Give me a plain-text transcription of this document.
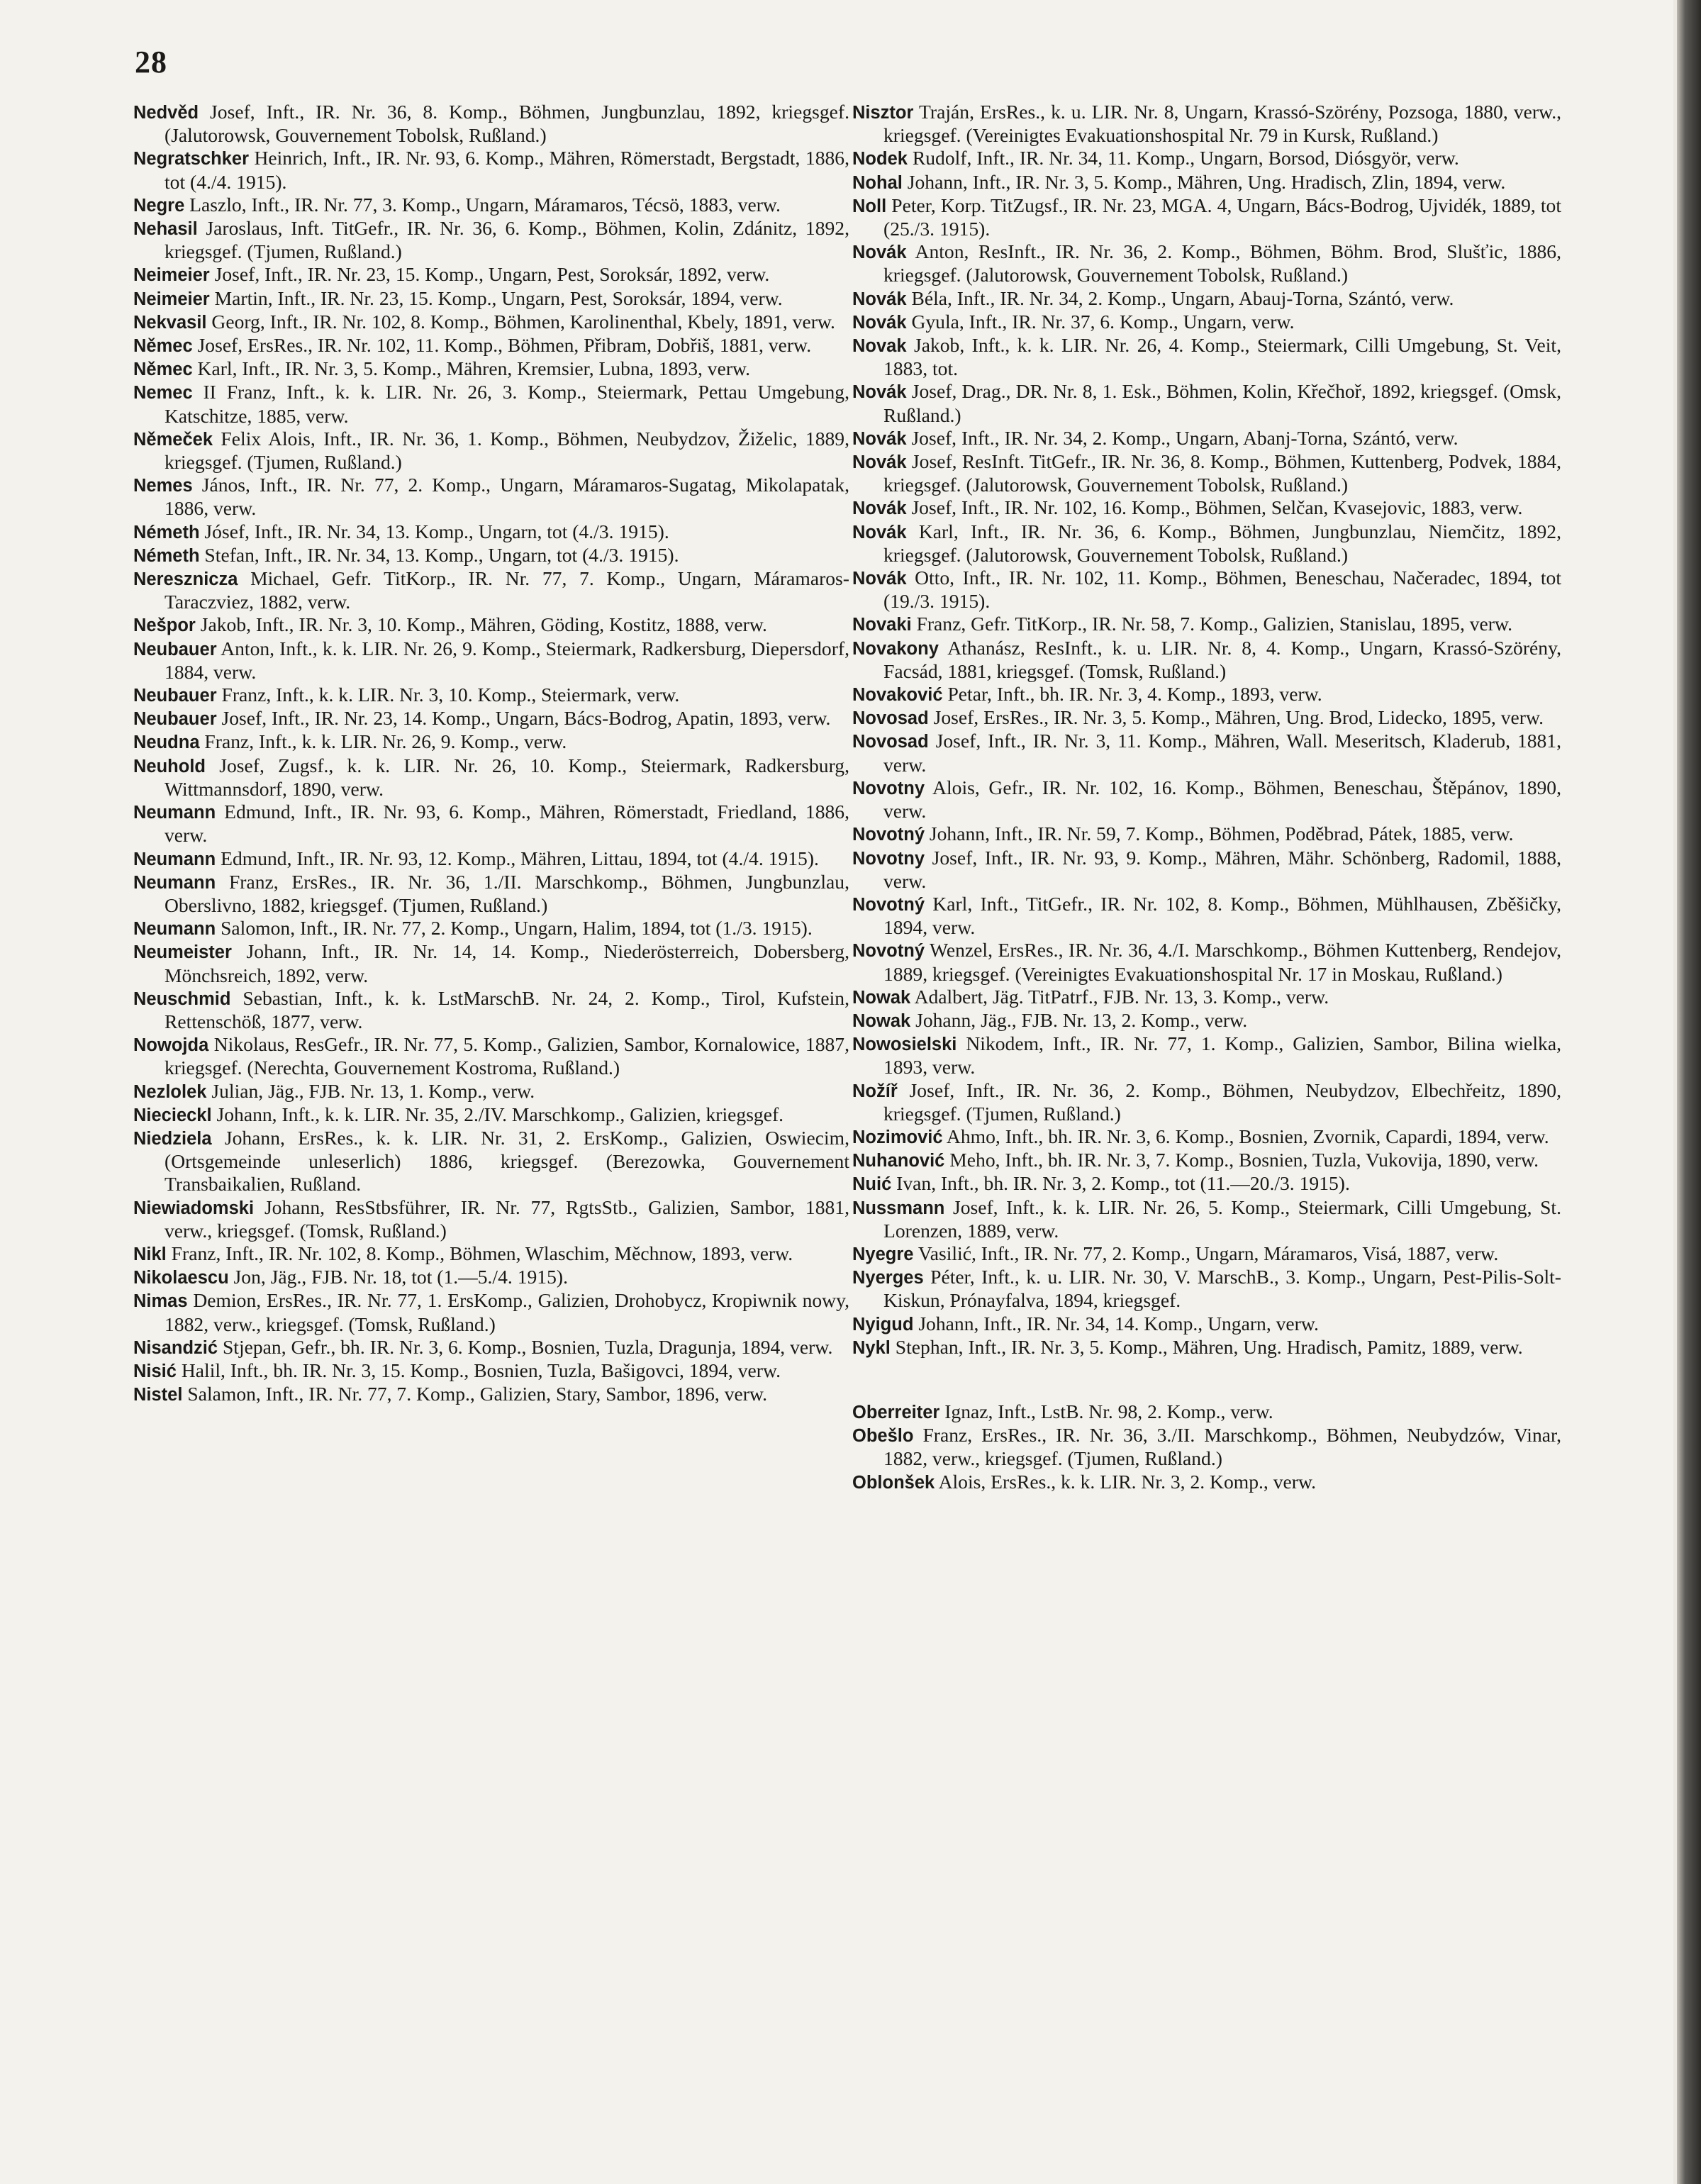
28

Nedvěd Josef, Inft., IR. Nr. 36, 8. Komp., Böhmen, Jungbunzlau, 1892, kriegsgef. (Jalutorowsk, Gouvernement Tobolsk, Rußland.)

Negratschker Heinrich, Inft., IR. Nr. 93, 6. Komp., Mähren, Römerstadt, Bergstadt, 1886, tot (4./4. 1915).

Negre Laszlo, Inft., IR. Nr. 77, 3. Komp., Ungarn, Máramaros, Técsö, 1883, verw.

Nehasil Jaroslaus, Inft. TitGefr., IR. Nr. 36, 6. Komp., Böhmen, Kolin, Zdánitz, 1892, kriegsgef. (Tjumen, Rußland.)

Neimeier Josef, Inft., IR. Nr. 23, 15. Komp., Ungarn, Pest, Soroksár, 1892, verw.

Neimeier Martin, Inft., IR. Nr. 23, 15. Komp., Ungarn, Pest, Soroksár, 1894, verw.

Nekvasil Georg, Inft., IR. Nr. 102, 8. Komp., Böhmen, Karolinenthal, Kbely, 1891, verw.

Němec Josef, ErsRes., IR. Nr. 102, 11. Komp., Böhmen, Přibram, Dobřiš, 1881, verw.

Němec Karl, Inft., IR. Nr. 3, 5. Komp., Mähren, Kremsier, Lubna, 1893, verw.

Nemec II Franz, Inft., k. k. LIR. Nr. 26, 3. Komp., Steiermark, Pettau Umgebung, Katschitze, 1885, verw.

Němeček Felix Alois, Inft., IR. Nr. 36, 1. Komp., Böhmen, Neubydzov, Žiželic, 1889, kriegsgef. (Tjumen, Rußland.)

Nemes János, Inft., IR. Nr. 77, 2. Komp., Ungarn, Máramaros-Sugatag, Mikolapatak, 1886, verw.

Németh Jósef, Inft., IR. Nr. 34, 13. Komp., Ungarn, tot (4./3. 1915).

Németh Stefan, Inft., IR. Nr. 34, 13. Komp., Ungarn, tot (4./3. 1915).

Neresznicza Michael, Gefr. TitKorp., IR. Nr. 77, 7. Komp., Ungarn, Máramaros-Taraczviez, 1882, verw.

Nešpor Jakob, Inft., IR. Nr. 3, 10. Komp., Mähren, Göding, Kostitz, 1888, verw.

Neubauer Anton, Inft., k. k. LIR. Nr. 26, 9. Komp., Steiermark, Radkersburg, Diepersdorf, 1884, verw.

Neubauer Franz, Inft., k. k. LIR. Nr. 3, 10. Komp., Steiermark, verw.

Neubauer Josef, Inft., IR. Nr. 23, 14. Komp., Ungarn, Bács-Bodrog, Apatin, 1893, verw.

Neudna Franz, Inft., k. k. LIR. Nr. 26, 9. Komp., verw.

Neuhold Josef, Zugsf., k. k. LIR. Nr. 26, 10. Komp., Steiermark, Radkersburg, Wittmannsdorf, 1890, verw.

Neumann Edmund, Inft., IR. Nr. 93, 6. Komp., Mähren, Römerstadt, Friedland, 1886, verw.

Neumann Edmund, Inft., IR. Nr. 93, 12. Komp., Mähren, Littau, 1894, tot (4./4. 1915).

Neumann Franz, ErsRes., IR. Nr. 36, 1./II. Marschkomp., Böhmen, Jungbunzlau, Oberslivno, 1882, kriegsgef. (Tjumen, Rußland.)

Neumann Salomon, Inft., IR. Nr. 77, 2. Komp., Ungarn, Halim, 1894, tot (1./3. 1915).

Neumeister Johann, Inft., IR. Nr. 14, 14. Komp., Niederösterreich, Dobersberg, Mönchsreich, 1892, verw.

Neuschmid Sebastian, Inft., k. k. LstMarschB. Nr. 24, 2. Komp., Tirol, Kufstein, Rettenschöß, 1877, verw.

Nowojda Nikolaus, ResGefr., IR. Nr. 77, 5. Komp., Galizien, Sambor, Kornalowice, 1887, kriegsgef. (Nerechta, Gouvernement Kostroma, Rußland.)

Nezlolek Julian, Jäg., FJB. Nr. 13, 1. Komp., verw.

Niecieckl Johann, Inft., k. k. LIR. Nr. 35, 2./IV. Marschkomp., Galizien, kriegsgef.

Niedziela Johann, ErsRes., k. k. LIR. Nr. 31, 2. ErsKomp., Galizien, Oswiecim, (Ortsgemeinde unleserlich) 1886, kriegsgef. (Berezowka, Gouvernement Transbaikalien, Rußland.

Niewiadomski Johann, ResStbsführer, IR. Nr. 77, RgtsStb., Galizien, Sambor, 1881, verw., kriegsgef. (Tomsk, Rußland.)

Nikl Franz, Inft., IR. Nr. 102, 8. Komp., Böhmen, Wlaschim, Měchnow, 1893, verw.

Nikolaescu Jon, Jäg., FJB. Nr. 18, tot (1.—5./4. 1915).

Nimas Demion, ErsRes., IR. Nr. 77, 1. ErsKomp., Galizien, Drohobycz, Kropiwnik nowy, 1882, verw., kriegsgef. (Tomsk, Rußland.)

Nisandzić Stjepan, Gefr., bh. IR. Nr. 3, 6. Komp., Bosnien, Tuzla, Dragunja, 1894, verw.

Nisić Halil, Inft., bh. IR. Nr. 3, 15. Komp., Bosnien, Tuzla, Bašigovci, 1894, verw.

Nistel Salamon, Inft., IR. Nr. 77, 7. Komp., Galizien, Stary, Sambor, 1896, verw.

Nisztor Traján, ErsRes., k. u. LIR. Nr. 8, Ungarn, Krassó-Szörény, Pozsoga, 1880, verw., kriegsgef. (Vereinigtes Evakuationshospital Nr. 79 in Kursk, Rußland.)

Nodek Rudolf, Inft., IR. Nr. 34, 11. Komp., Ungarn, Borsod, Diósgyör, verw.

Nohal Johann, Inft., IR. Nr. 3, 5. Komp., Mähren, Ung. Hradisch, Zlin, 1894, verw.

Noll Peter, Korp. TitZugsf., IR. Nr. 23, MGA. 4, Ungarn, Bács-Bodrog, Ujvidék, 1889, tot (25./3. 1915).

Novák Anton, ResInft., IR. Nr. 36, 2. Komp., Böhmen, Böhm. Brod, Slušťic, 1886, kriegsgef. (Jalutorowsk, Gouvernement Tobolsk, Rußland.)

Novák Béla, Inft., IR. Nr. 34, 2. Komp., Ungarn, Abauj-Torna, Szántó, verw.

Novák Gyula, Inft., IR. Nr. 37, 6. Komp., Ungarn, verw.

Novak Jakob, Inft., k. k. LIR. Nr. 26, 4. Komp., Steiermark, Cilli Umgebung, St. Veit, 1883, tot.

Novák Josef, Drag., DR. Nr. 8, 1. Esk., Böhmen, Kolin, Křečhoř, 1892, kriegsgef. (Omsk, Rußland.)

Novák Josef, Inft., IR. Nr. 34, 2. Komp., Ungarn, Abanj-Torna, Szántó, verw.

Novák Josef, ResInft. TitGefr., IR. Nr. 36, 8. Komp., Böhmen, Kuttenberg, Podvek, 1884, kriegsgef. (Jalutorowsk, Gouvernement Tobolsk, Rußland.)

Novák Josef, Inft., IR. Nr. 102, 16. Komp., Böhmen, Selčan, Kvasejovic, 1883, verw.

Novák Karl, Inft., IR. Nr. 36, 6. Komp., Böhmen, Jungbunzlau, Niemčitz, 1892, kriegsgef. (Jalutorowsk, Gouvernement Tobolsk, Rußland.)

Novák Otto, Inft., IR. Nr. 102, 11. Komp., Böhmen, Beneschau, Načeradec, 1894, tot (19./3. 1915).

Novaki Franz, Gefr. TitKorp., IR. Nr. 58, 7. Komp., Galizien, Stanislau, 1895, verw.

Novakony Athanász, ResInft., k. u. LIR. Nr. 8, 4. Komp., Ungarn, Krassó-Szörény, Facsád, 1881, kriegsgef. (Tomsk, Rußland.)

Novaković Petar, Inft., bh. IR. Nr. 3, 4. Komp., 1893, verw.

Novosad Josef, ErsRes., IR. Nr. 3, 5. Komp., Mähren, Ung. Brod, Lidecko, 1895, verw.

Novosad Josef, Inft., IR. Nr. 3, 11. Komp., Mähren, Wall. Meseritsch, Kladerub, 1881, verw.

Novotny Alois, Gefr., IR. Nr. 102, 16. Komp., Böhmen, Beneschau, Štěpánov, 1890, verw.

Novotný Johann, Inft., IR. Nr. 59, 7. Komp., Böhmen, Poděbrad, Pátek, 1885, verw.

Novotny Josef, Inft., IR. Nr. 93, 9. Komp., Mähren, Mähr. Schönberg, Radomil, 1888, verw.

Novotný Karl, Inft., TitGefr., IR. Nr. 102, 8. Komp., Böhmen, Mühlhausen, Zběšičky, 1894, verw.

Novotný Wenzel, ErsRes., IR. Nr. 36, 4./I. Marschkomp., Böhmen Kuttenberg, Rendejov, 1889, kriegsgef. (Vereinigtes Evakuationshospital Nr. 17 in Moskau, Rußland.)

Nowak Adalbert, Jäg. TitPatrf., FJB. Nr. 13, 3. Komp., verw.

Nowak Johann, Jäg., FJB. Nr. 13, 2. Komp., verw.

Nowosielski Nikodem, Inft., IR. Nr. 77, 1. Komp., Galizien, Sambor, Bilina wielka, 1893, verw.

Nožíř Josef, Inft., IR. Nr. 36, 2. Komp., Böhmen, Neubydzov, Elbechřeitz, 1890, kriegsgef. (Tjumen, Rußland.)

Nozimović Ahmo, Inft., bh. IR. Nr. 3, 6. Komp., Bosnien, Zvornik, Capardi, 1894, verw.

Nuhanović Meho, Inft., bh. IR. Nr. 3, 7. Komp., Bosnien, Tuzla, Vukovija, 1890, verw.

Nuić Ivan, Inft., bh. IR. Nr. 3, 2. Komp., tot (11.—20./3. 1915).

Nussmann Josef, Inft., k. k. LIR. Nr. 26, 5. Komp., Steiermark, Cilli Umgebung, St. Lorenzen, 1889, verw.

Nyegre Vasilić, Inft., IR. Nr. 77, 2. Komp., Ungarn, Máramaros, Visá, 1887, verw.

Nyerges Péter, Inft., k. u. LIR. Nr. 30, V. MarschB., 3. Komp., Ungarn, Pest-Pilis-Solt-Kiskun, Prónayfalva, 1894, kriegsgef.

Nyigud Johann, Inft., IR. Nr. 34, 14. Komp., Ungarn, verw.

Nykl Stephan, Inft., IR. Nr. 3, 5. Komp., Mähren, Ung. Hradisch, Pamitz, 1889, verw.

Oberreiter Ignaz, Inft., LstB. Nr. 98, 2. Komp., verw.

Obešlo Franz, ErsRes., IR. Nr. 36, 3./II. Marschkomp., Böhmen, Neubydzów, Vinar, 1882, verw., kriegsgef. (Tjumen, Rußland.)

Oblonšek Alois, ErsRes., k. k. LIR. Nr. 3, 2. Komp., verw.
